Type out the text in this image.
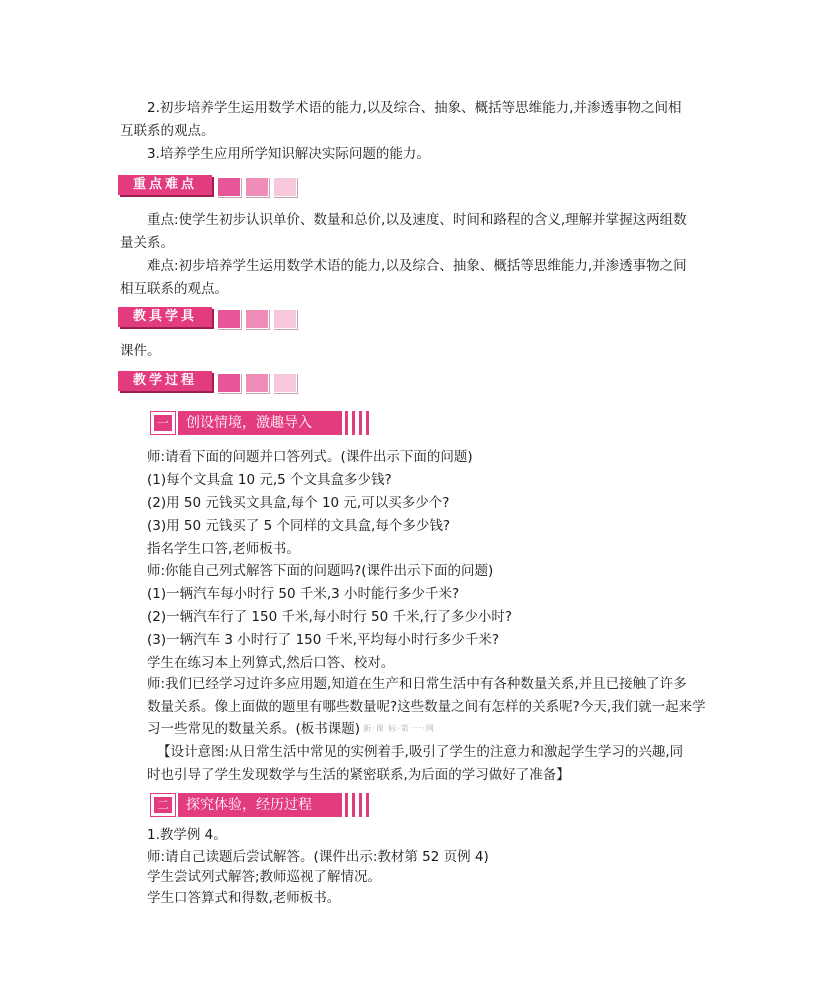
2.初步培养学生运用数学术语的能力,以及综合、抽象、概括等思维能力,并渗透事物之间相
互联系的观点。
3.培养学生应用所学知识解决实际问题的能力。
重点难点
重点:使学生初步认识单价、数量和总价,以及速度、时间和路程的含义,理解并掌握这两组数
量关系。
难点:初步培养学生运用数学术语的能力,以及综合、抽象、概括等思维能力,并渗透事物之间
相互联系的观点。
教具学具
课件。
教学过程
一	创设情境，激趣导入
师:请看下面的问题并口答列式。(课件出示下面的问题)
(1)每个文具盒 10 元,5 个文具盒多少钱?
(2)用 50 元钱买文具盒,每个 10 元,可以买多少个?
(3)用 50 元钱买了 5 个同样的文具盒,每个多少钱?
指名学生口答,老师板书。
师:你能自己列式解答下面的问题吗?(课件出示下面的问题)
(1)一辆汽车每小时行 50 千米,3 小时能行多少千米?
(2)一辆汽车行了 150 千米,每小时行 50 千米,行了多少小时?
(3)一辆汽车 3 小时行了 150 千米,平均每小时行多少千米?
学生在练习本上列算式,然后口答、校对。
师:我们已经学习过许多应用题,知道在生产和日常生活中有各种数量关系,并且已接触了许多
数量关系。像上面做的题里有哪些数量呢?这些数量之间有怎样的关系呢?今天,我们就一起来学
习一些常见的数量关系。(板书课题) 新·课·标·第·一·网
【设计意图:从日常生活中常见的实例着手,吸引了学生的注意力和激起学生学习的兴趣,同
时也引导了学生发现数学与生活的紧密联系,为后面的学习做好了准备】
二	探究体验，经历过程
1.教学例 4。
师:请自己读题后尝试解答。(课件出示:教材第 52 页例 4)
学生尝试列式解答;教师巡视了解情况。
学生口答算式和得数,老师板书。
